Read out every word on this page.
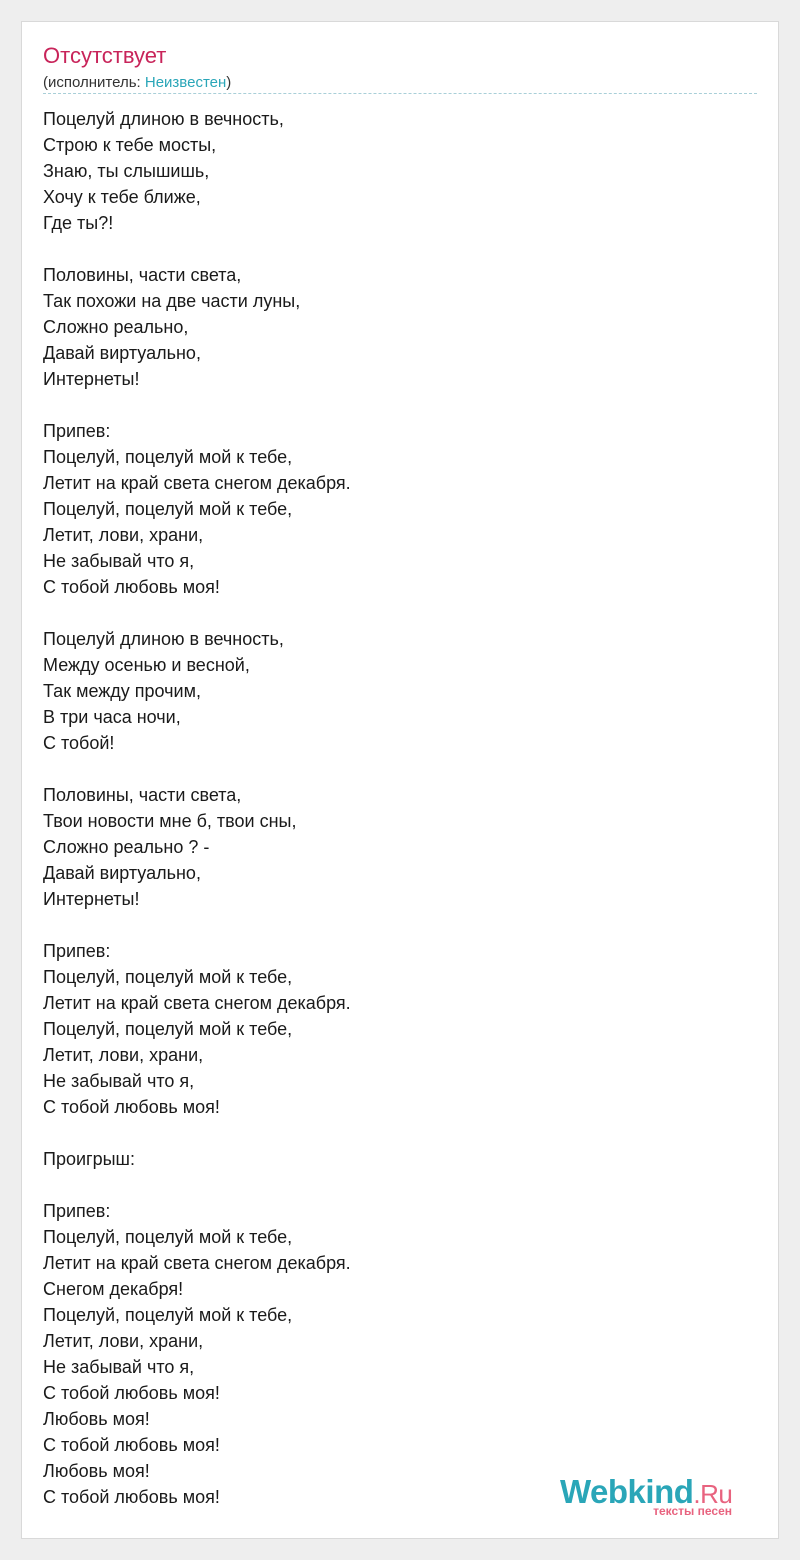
Отсутствует
(исполнитель: Неизвестен)
Поцелуй длиною в вечность,
Строю к тебе мосты,
Знаю, ты слышишь,
Хочу к тебе ближе,
Где ты?!
Половины, части света,
Так похожи на две части луны,
Сложно реально,
Давай виртуально,
Интернеты!
Припев:
Поцелуй, поцелуй мой к тебе,
Летит на край света снегом декабря.
Поцелуй, поцелуй мой к тебе,
Летит, лови, храни,
Не забывай что я,
С тобой любовь моя!
Поцелуй длиною в вечность,
Между осенью и весной,
Так между прочим,
В три часа ночи,
С тобой!
Половины, части света,
Твои новости мне б, твои сны,
Сложно реально ? -
Давай виртуально,
Интернеты!
Припев:
Поцелуй, поцелуй мой к тебе,
Летит на край света снегом декабря.
Поцелуй, поцелуй мой к тебе,
Летит, лови, храни,
Не забывай что я,
С тобой любовь моя!
Проигрыш:
Припев:
Поцелуй, поцелуй мой к тебе,
Летит на край света снегом декабря.
Снегом декабря!
Поцелуй, поцелуй мой к тебе,
Летит, лови, храни,
Не забывай что я,
С тобой любовь моя!
Любовь моя!
С тобой любовь моя!
Любовь моя!
С тобой любовь моя!	Webkind.Ru
тексты песен
